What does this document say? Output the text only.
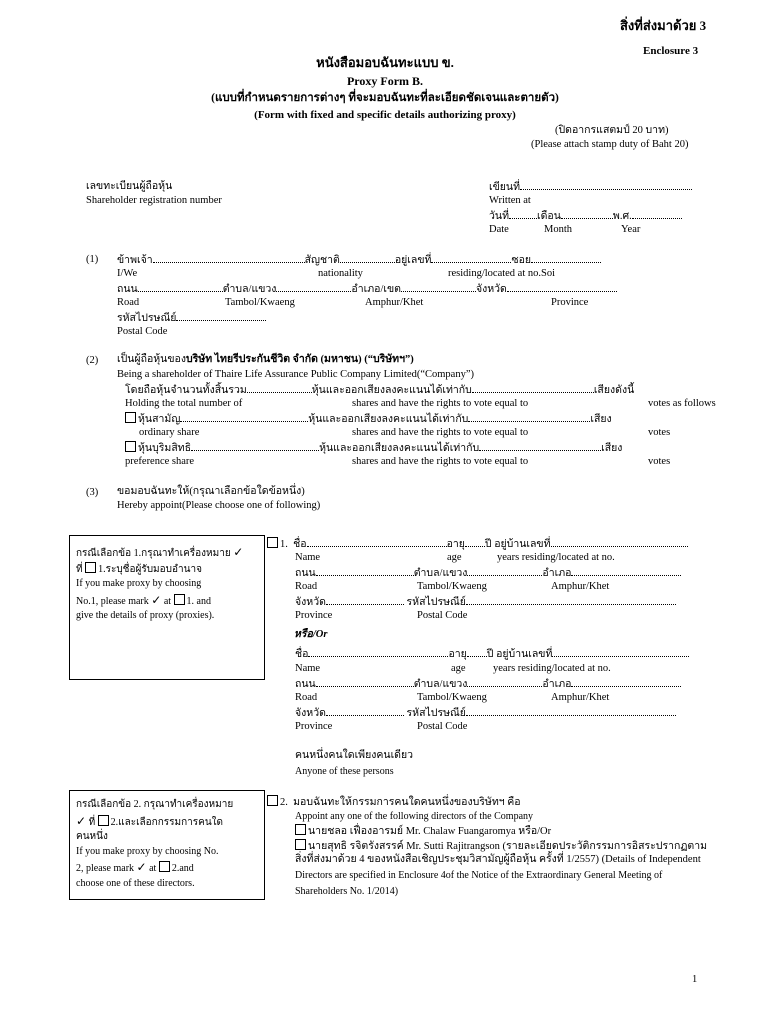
สิ่งที่ส่งมาด้วย 3
Enclosure 3
หนังสือมอบฉันทะแบบ ข.
Proxy Form B.
(แบบที่กำหนดรายการต่างๆ ที่จะมอบฉันทะที่ละเอียดชัดเจนและตายตัว)
(Form with fixed and specific details authorizing proxy)
(ปิดอากรแสตมป์ 20 บาท)
(Please attach stamp duty of Baht 20)
เลขทะเบียนผู้ถือหุ้น
Shareholder registration number
เขียนที่
Written at
วันที่	เดือน	พ.ศ.
Date	Month	Year
(1) ข้าพเจ้า	สัญชาติ	อยู่เลขที่	ซอย
I/We	nationality	residing/located at no.Soi
ถนน	ตำบล/แขวง	อำเภอ/เขต	จังหวัด
Road	Tambol/Kwaeng	Amphur/Khet	Province
รหัสไปรษณีย์
Postal Code
(2) เป็นผู้ถือหุ้นของบริษัท ไทยรีประกันชีวิต จำกัด (มหาชน) (“บริษัทฯ”)
Being a shareholder of Thaire Life Assurance Public Company Limited(“Company”)
โดยถือหุ้นจำนวนทั้งสิ้นรวม	หุ้นและออกเสียงลงคะแนนได้เท่ากับ	เสียงดังนี้
Holding the total number of	shares and have the rights to vote equal to	votes as follows
หุ้นสามัญ	หุ้นและออกเสียงลงคะแนนได้เท่ากับ	เสียง
ordinary share	shares and have the rights to vote equal to	votes
หุ้นบุริมสิทธิ	หุ้นและออกเสียงลงคะแนนได้เท่ากับ	เสียง
preference share	shares and have the rights to vote equal to	votes
(3) ขอมอบฉันทะให้(กรุณาเลือกข้อใดข้อหนึ่ง)
Hereby appoint(Please choose one of following)
กรณีเลือกข้อ 1.กรุณาทำเครื่องหมาย ✓
ที่ 1.ระบุชื่อผู้รับมอบอำนาจ
If you make proxy by choosing
No.1, please mark ✓ at 1. and
give the details of proxy (proxies).
1. ชื่อ	อายุ ปี อยู่บ้านเลขที่
Name	age	years residing/located at no.
ถนน	ตำบล/แขวง	อำเภอ
Road	Tambol/Kwaeng	Amphur/Khet
จังหวัด	รหัสไปรษณีย์
Province	Postal Code
หรือ/Or
ชื่อ	อายุ ปี อยู่บ้านเลขที่
Name	age	years residing/located at no.
ถนน	ตำบล/แขวง	อำเภอ
Road	Tambol/Kwaeng	Amphur/Khet
จังหวัด	รหัสไปรษณีย์
Province	Postal Code
คนหนึ่งคนใดเพียงคนเดียว
Anyone of these persons
กรณีเลือกข้อ 2. กรุณาทำเครื่องหมาย
✓ ที่ 2.และเลือกกรรมการคนใด
คนหนึ่ง
If you make proxy by choosing No.
2, please mark ✓ at 2.and
choose one of these directors.
2. มอบฉันทะให้กรรมการคนใดคนหนึ่งของบริษัทฯ คือ
Appoint any one of the following directors of the Company
นายชลอ เฟื่องอารมย์ Mr. Chalaw Fuangaromya หรือ/Or
นายสุทธิ รจิตรังสรรค์ Mr. Sutti Rajitrangson (รายละเอียดประวัติกรรมการอิสระปรากฏตาม
สิ่งที่ส่งมาด้วย 4 ของหนังสือเชิญประชุมวิสามัญผู้ถือหุ้น ครั้งที่ 1/2557) (Details of Independent
Directors are specified in Enclosure 4of the Notice of the Extraordinary General Meeting of
Shareholders No. 1/2014)
1
